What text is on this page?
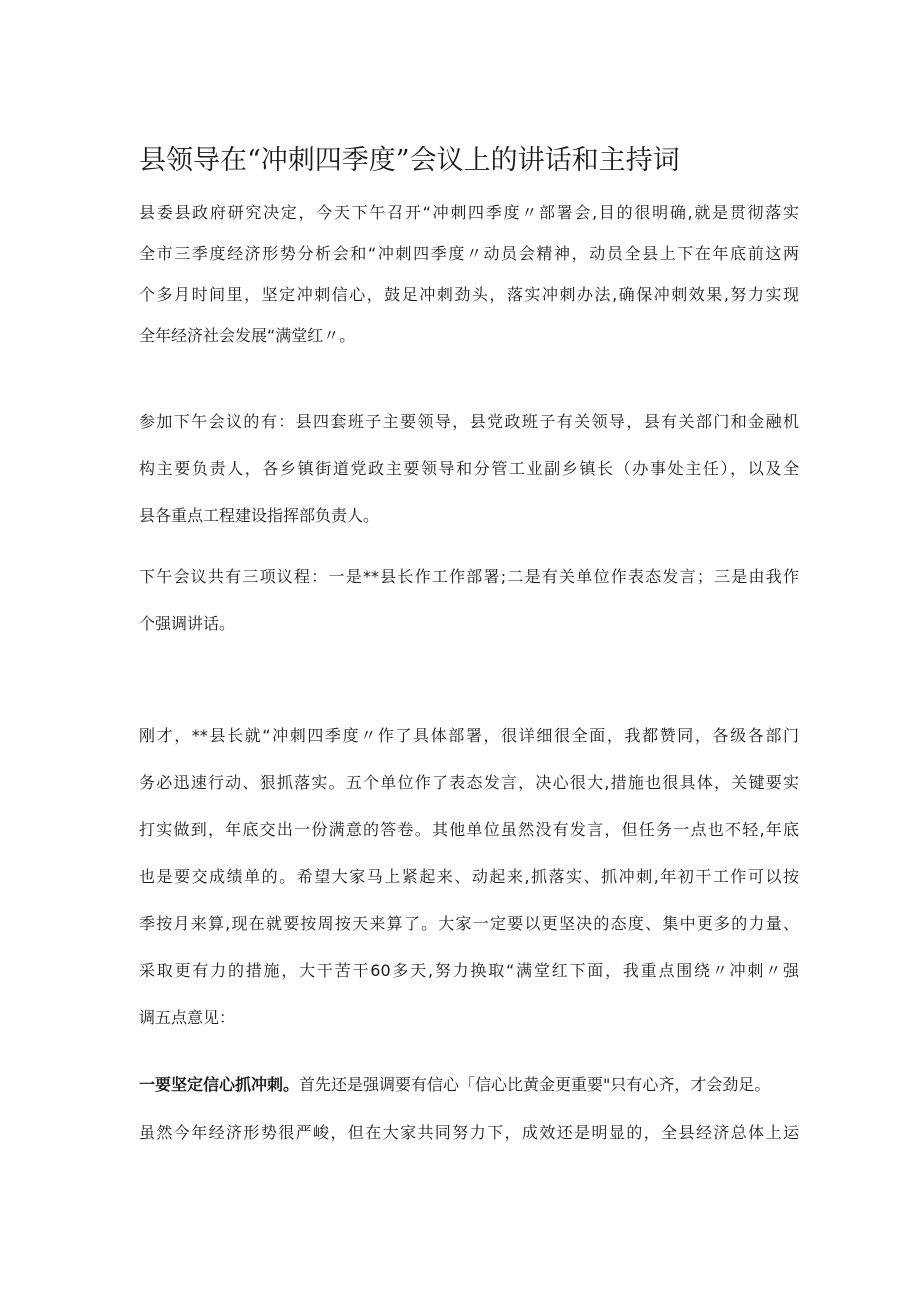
县领导在“冲刺四季度”会议上的讲话和主持词
县委县政府研究决定，今天下午召开“冲刺四季度〃部署会,目的很明确,就是贯彻落实
全市三季度经济形势分析会和“冲刺四季度〃动员会精神，动员全县上下在年底前这两
个多月时间里，坚定冲刺信心，鼓足冲刺劲头，落实冲刺办法,确保冲刺效果,努力实现
全年经济社会发展“满堂红〃。
参加下午会议的有：县四套班子主要领导，县党政班子有关领导，县有关部门和金融机
构主要负责人，各乡镇街道党政主要领导和分管工业副乡镇长（办事处主任），以及全
县各重点工程建设指挥部负责人。
下午会议共有三项议程：一是**县长作工作部署;二是有关单位作表态发言；三是由我作
个强调讲话。
刚才，**县长就“冲刺四季度〃作了具体部署，很详细很全面，我都赞同，各级各部门
务必迅速行动、狠抓落实。五个单位作了表态发言，决心很大,措施也很具体，关键要实
打实做到，年底交出一份满意的答卷。其他单位虽然没有发言，但任务一点也不轻,年底
也是要交成绩单的。希望大家马上紧起来、动起来,抓落实、抓冲刺,年初干工作可以按
季按月来算,现在就要按周按天来算了。大家一定要以更坚决的态度、集中更多的力量、
采取更有力的措施，大干苦干60多天,努力换取“满堂红下面，我重点围绕〃冲刺〃强
调五点意见：
一要坚定信心抓冲刺。首先还是强调要有信心「信心比黄金更重要"只有心齐，才会劲足。
虽然今年经济形势很严峻，但在大家共同努力下，成效还是明显的，全县经济总体上运
